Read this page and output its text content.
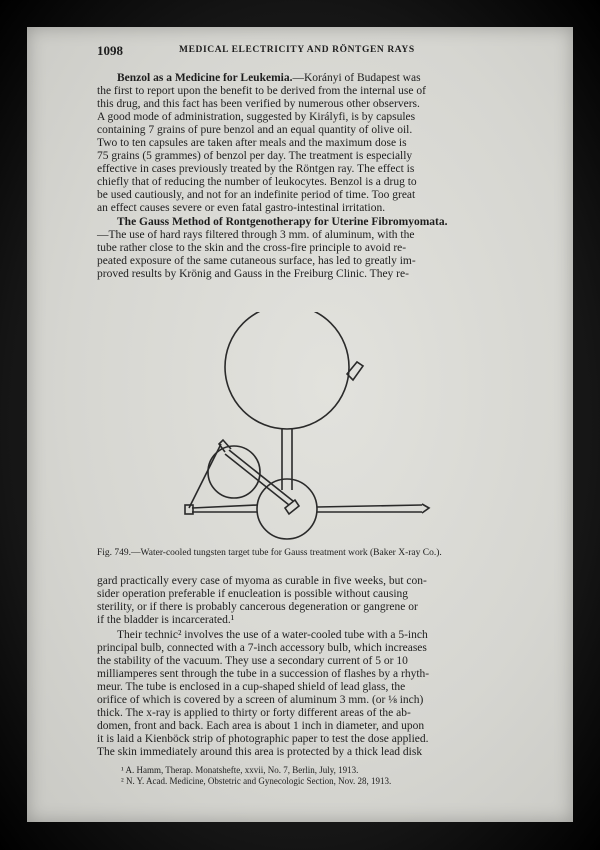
1098	MEDICAL ELECTRICITY AND RÖNTGEN RAYS
Benzol as a Medicine for Leukemia.—Korányi of Budapest was
the first to report upon the benefit to be derived from the internal use of
this drug, and this fact has been verified by numerous other observers.
A good mode of administration, suggested by Királyfi, is by capsules
containing 7 grains of pure benzol and an equal quantity of olive oil.
Two to ten capsules are taken after meals and the maximum dose is
75 grains (5 grammes) of benzol per day. The treatment is especially
effective in cases previously treated by the Röntgen ray. The effect is
chiefly that of reducing the number of leukocytes. Benzol is a drug to
be used cautiously, and not for an indefinite period of time. Too great
an effect causes severe or even fatal gastro-intestinal irritation.
The Gauss Method of Rontgenotherapy for Uterine Fibromyomata.
—The use of hard rays filtered through 3 mm. of aluminum, with the
tube rather close to the skin and the cross-fire principle to avoid re-
peated exposure of the same cutaneous surface, has led to greatly im-
proved results by Krönig and Gauss in the Freiburg Clinic. They re-
Fig. 749.—Water-cooled tungsten target tube for Gauss treatment work (Baker X-ray Co.).
gard practically every case of myoma as curable in five weeks, but con-
sider operation preferable if enucleation is possible without causing
sterility, or if there is probably cancerous degeneration or gangrene or
if the bladder is incarcerated.¹
Their technic² involves the use of a water-cooled tube with a 5-inch
principal bulb, connected with a 7-inch accessory bulb, which increases
the stability of the vacuum. They use a secondary current of 5 or 10
milliamperes sent through the tube in a succession of flashes by a rhyth-
meur. The tube is enclosed in a cup-shaped shield of lead glass, the
orifice of which is covered by a screen of aluminum 3 mm. (or ⅛ inch)
thick. The x-ray is applied to thirty or forty different areas of the ab-
domen, front and back. Each area is about 1 inch in diameter, and upon
it is laid a Kienböck strip of photographic paper to test the dose applied.
The skin immediately around this area is protected by a thick lead disk
¹ A. Hamm, Therap. Monatshefte, xxvii, No. 7, Berlin, July, 1913.
² N. Y. Acad. Medicine, Obstetric and Gynecologic Section, Nov. 28, 1913.
